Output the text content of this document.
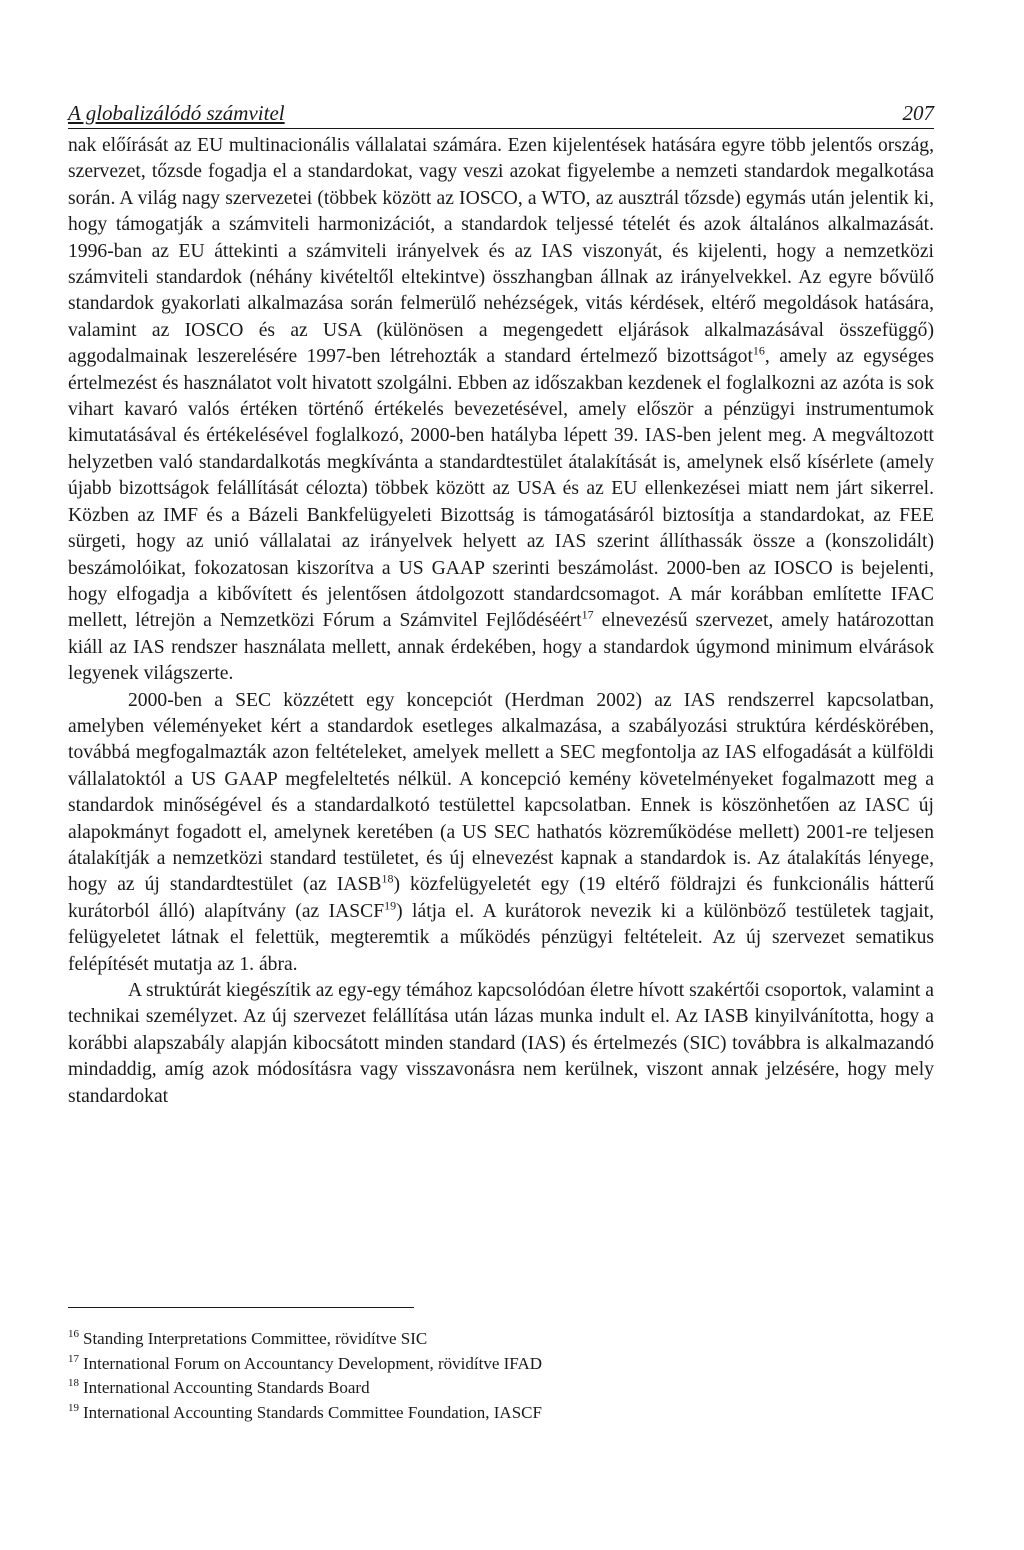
A globalizálódó számvitel	207

nak előírását az EU multinacionális vállalatai számára. Ezen kijelentések hatására egyre több jelentős ország, szervezet, tőzsde fogadja el a standardokat, vagy veszi azokat figyelembe a nemzeti standardok megalkotása során. A világ nagy szervezetei (többek között az IOSCO, a WTO, az ausztrál tőzsde) egymás után jelentik ki, hogy támogatják a számviteli harmonizációt, a standardok teljessé tételét és azok általános alkalmazását. 1996-ban az EU áttekinti a számviteli irányelvek és az IAS viszonyát, és kijelenti, hogy a nemzetközi számviteli standardok (néhány kivételtől eltekintve) összhangban állnak az irányelvekkel. Az egyre bővülő standardok gyakorlati alkalmazása során felmerülő nehézségek, vitás kérdések, eltérő megoldások hatására, valamint az IOSCO és az USA (különösen a megengedett eljárások alkalmazásával összefüggő) aggodalmainak leszerelésére 1997-ben létrehozták a standard értelmező bizottságot$^{16}$, amely az egységes értelmezést és használatot volt hivatott szolgálni. Ebben az időszakban kezdenek el foglalkozni az azóta is sok vihart kavaró valós értéken történő értékelés bevezetésével, amely először a pénzügyi instrumentumok kimutatásával és értékelésével foglalkozó, 2000-ben hatályba lépett 39. IAS-ben jelent meg. A megváltozott helyzetben való standardalkotás megkívánta a standardtestület átalakítását is, amelynek első kísérlete (amely újabb bizottságok felállítását célozta) többek között az USA és az EU ellenkezései miatt nem járt sikerrel. Közben az IMF és a Bázeli Bankfelügyeleti Bizottság is támogatásáról biztosítja a standardokat, az FEE sürgeti, hogy az unió vállalatai az irányelvek helyett az IAS szerint állíthassák össze a (konszolidált) beszámolóikat, fokozatosan kiszorítva a US GAAP szerinti beszámolást. 2000-ben az IOSCO is bejelenti, hogy elfogadja a kibővített és jelentősen átdolgozott standardcsomagot. A már korábban említette IFAC mellett, létrejön a Nemzetközi Fórum a Számvitel Fejlődéséért$^{17}$ elnevezésű szervezet, amely határozottan kiáll az IAS rendszer használata mellett, annak érdekében, hogy a standardok úgymond minimum elvárások legyenek világszerte.

2000-ben a SEC közzétett egy koncepciót (Herdman 2002) az IAS rendszerrel kapcsolatban, amelyben véleményeket kért a standardok esetleges alkalmazása, a szabályozási struktúra kérdéskörében, továbbá megfogalmazták azon feltételeket, amelyek mellett a SEC megfontolja az IAS elfogadását a külföldi vállalatoktól a US GAAP megfeleltetés nélkül. A koncepció kemény követelményeket fogalmazott meg a standardok minőségével és a standardalkotó testülettel kapcsolatban. Ennek is köszönhetően az IASC új alapokmányt fogadott el, amelynek keretében (a US SEC hathatós közreműködése mellett) 2001-re teljesen átalakítják a nemzetközi standard testületet, és új elnevezést kapnak a standardok is. Az átalakítás lényege, hogy az új standardtestület (az IASB$^{18}$) közfelügyeletét egy (19 eltérő földrajzi és funkcionális hátterű kurátorból álló) alapítvány (az IASCF$^{19}$) látja el. A kurátorok nevezik ki a különböző testületek tagjait, felügyeletet látnak el felettük, megteremtik a működés pénzügyi feltételeit. Az új szervezet sematikus felépítését mutatja az 1. ábra.

A struktúrát kiegészítik az egy-egy témához kapcsolódóan életre hívott szakértői csoportok, valamint a technikai személyzet. Az új szervezet felállítása után lázas munka indult el. Az IASB kinyilvánította, hogy a korábbi alapszabály alapján kibocsátott minden standard (IAS) és értelmezés (SIC) továbbra is alkalmazandó mindaddig, amíg azok módosításra vagy visszavonásra nem kerülnek, viszont annak jelzésére, hogy mely standardokat

$^{16}$ Standing Interpretations Committee, rövidítve SIC
$^{17}$ International Forum on Accountancy Development, rövidítve IFAD
$^{18}$ International Accounting Standards Board
$^{19}$ International Accounting Standards Committee Foundation, IASCF
